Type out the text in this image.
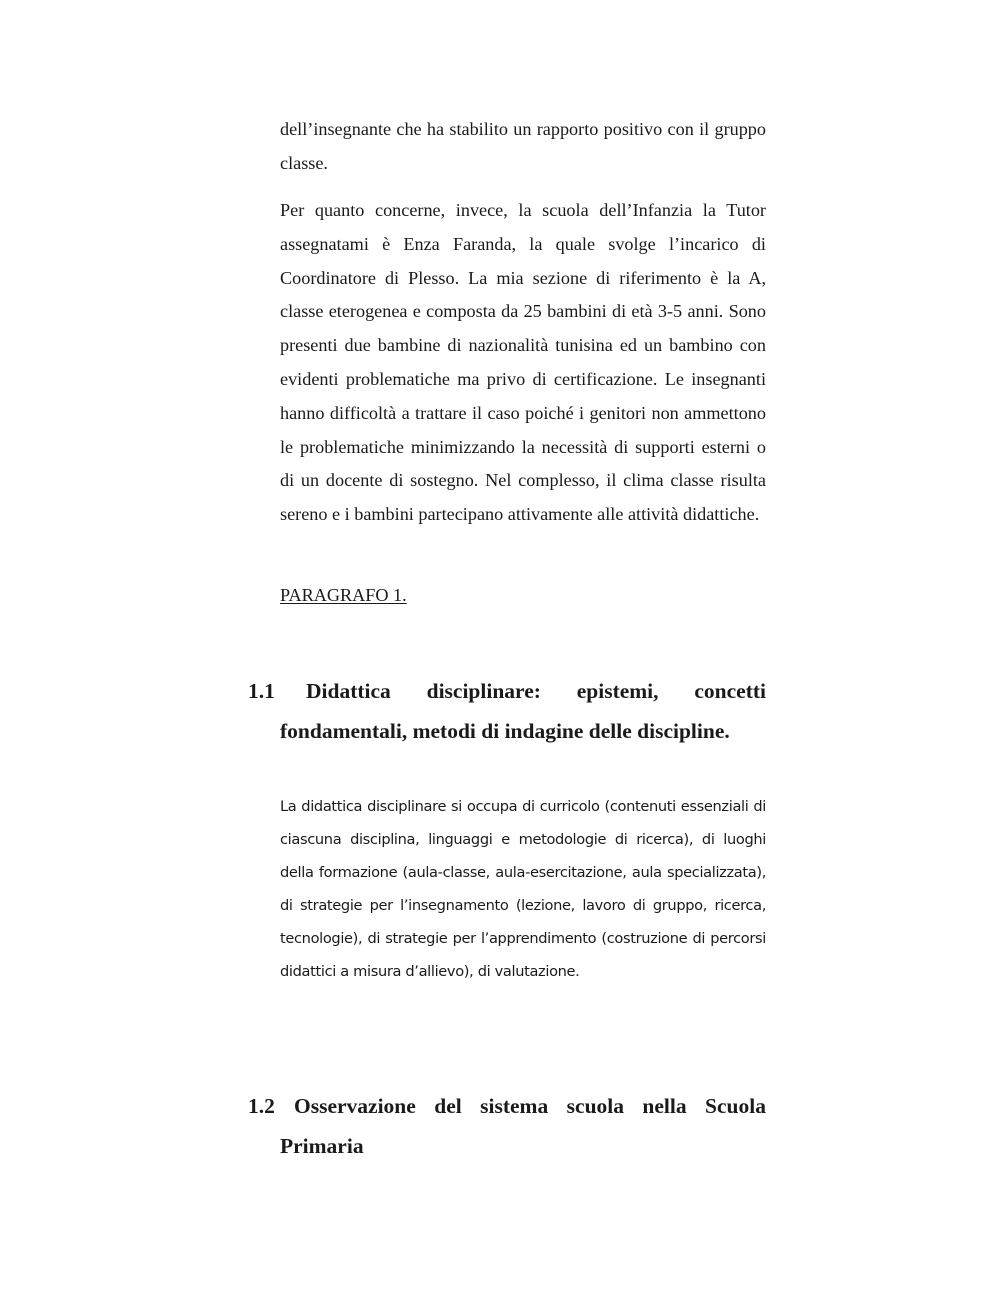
dell’insegnante che ha stabilito un rapporto positivo con il gruppo classe.

Per quanto concerne, invece, la scuola dell’Infanzia la Tutor assegnatami è Enza Faranda, la quale svolge l’incarico di Coordinatore di Plesso. La mia sezione di riferimento è la A, classe eterogenea e composta da 25 bambini di età 3-5 anni. Sono presenti due bambine di nazionalità tunisina ed un bambino con evidenti problematiche ma privo di certificazione. Le insegnanti hanno difficoltà a trattare il caso poiché i genitori non ammettono le problematiche minimizzando la necessità di supporti esterni o di un docente di sostegno. Nel complesso, il clima classe risulta sereno e i bambini partecipano attivamente alle attività didattiche.

PARAGRAFO 1.

1.1 Didattica disciplinare: epistemi, concetti fondamentali, metodi di indagine delle discipline.

La didattica disciplinare si occupa di curricolo (contenuti essenziali di ciascuna disciplina, linguaggi e metodologie di ricerca), di luoghi della formazione (aula-classe, aula-esercitazione, aula specializzata), di strategie per l’insegnamento (lezione, lavoro di gruppo, ricerca, tecnologie), di strategie per l’apprendimento (costruzione di percorsi didattici a misura d’allievo), di valutazione.

1.2 Osservazione del sistema scuola nella Scuola Primaria
